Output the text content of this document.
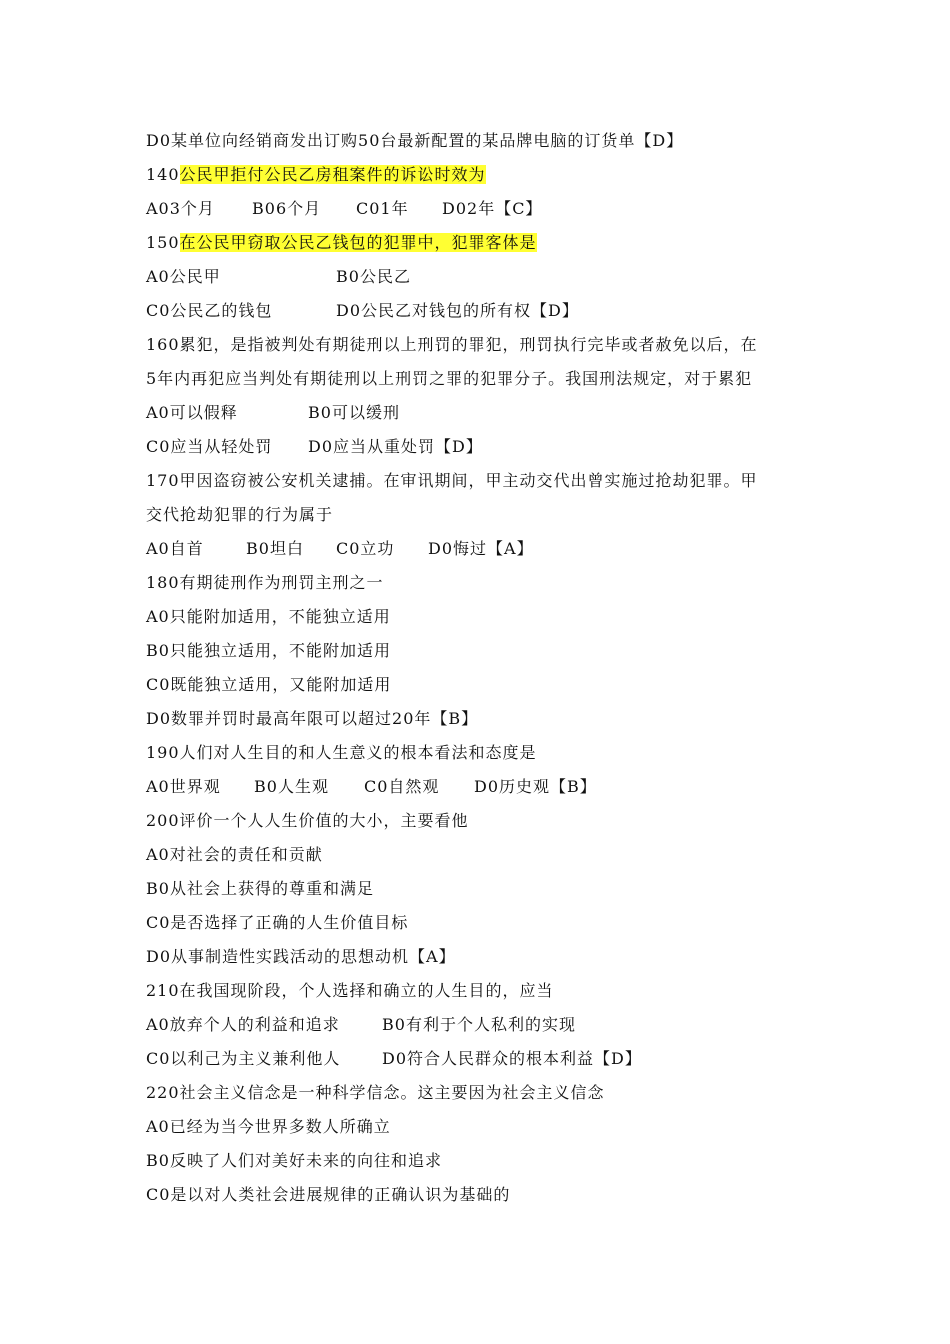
D0某单位向经销商发出订购50台最新配置的某品牌电脑的订货单【D】
140公民甲拒付公民乙房租案件的诉讼时效为
A03个月 B06个月 C01年 D02年【C】
150在公民甲窃取公民乙钱包的犯罪中，犯罪客体是
A0公民甲	B0公民乙
C0公民乙的钱包	D0公民乙对钱包的所有权【D】
160累犯，是指被判处有期徒刑以上刑罚的罪犯，刑罚执行完毕或者赦免以后，在
5年内再犯应当判处有期徒刑以上刑罚之罪的犯罪分子。我国刑法规定，对于累犯
A0可以假释	B0可以缓刑
C0应当从轻处罚 D0应当从重处罚【D】
170甲因盗窃被公安机关逮捕。在审讯期间，甲主动交代出曾实施过抢劫犯罪。甲
交代抢劫犯罪的行为属于
A0自首	B0坦白 C0立功 D0悔过【A】
180有期徒刑作为刑罚主刑之一
A0只能附加适用，不能独立适用
B0只能独立适用，不能附加适用
C0既能独立适用，又能附加适用
D0数罪并罚时最高年限可以超过20年【B】
190人们对人生目的和人生意义的根本看法和态度是
A0世界观 B0人生观 C0自然观 D0历史观【B】
200评价一个人人生价值的大小，主要看他
A0对社会的责任和贡献
B0从社会上获得的尊重和满足
C0是否选择了正确的人生价值目标
D0从事制造性实践活动的思想动机【A】
210在我国现阶段，个人选择和确立的人生目的，应当
A0放弃个人的利益和追求	B0有利于个人私利的实现
C0以利己为主义兼利他人	D0符合人民群众的根本利益【D】
220社会主义信念是一种科学信念。这主要因为社会主义信念
A0已经为当今世界多数人所确立
B0反映了人们对美好未来的向往和追求
C0是以对人类社会进展规律的正确认识为基础的
